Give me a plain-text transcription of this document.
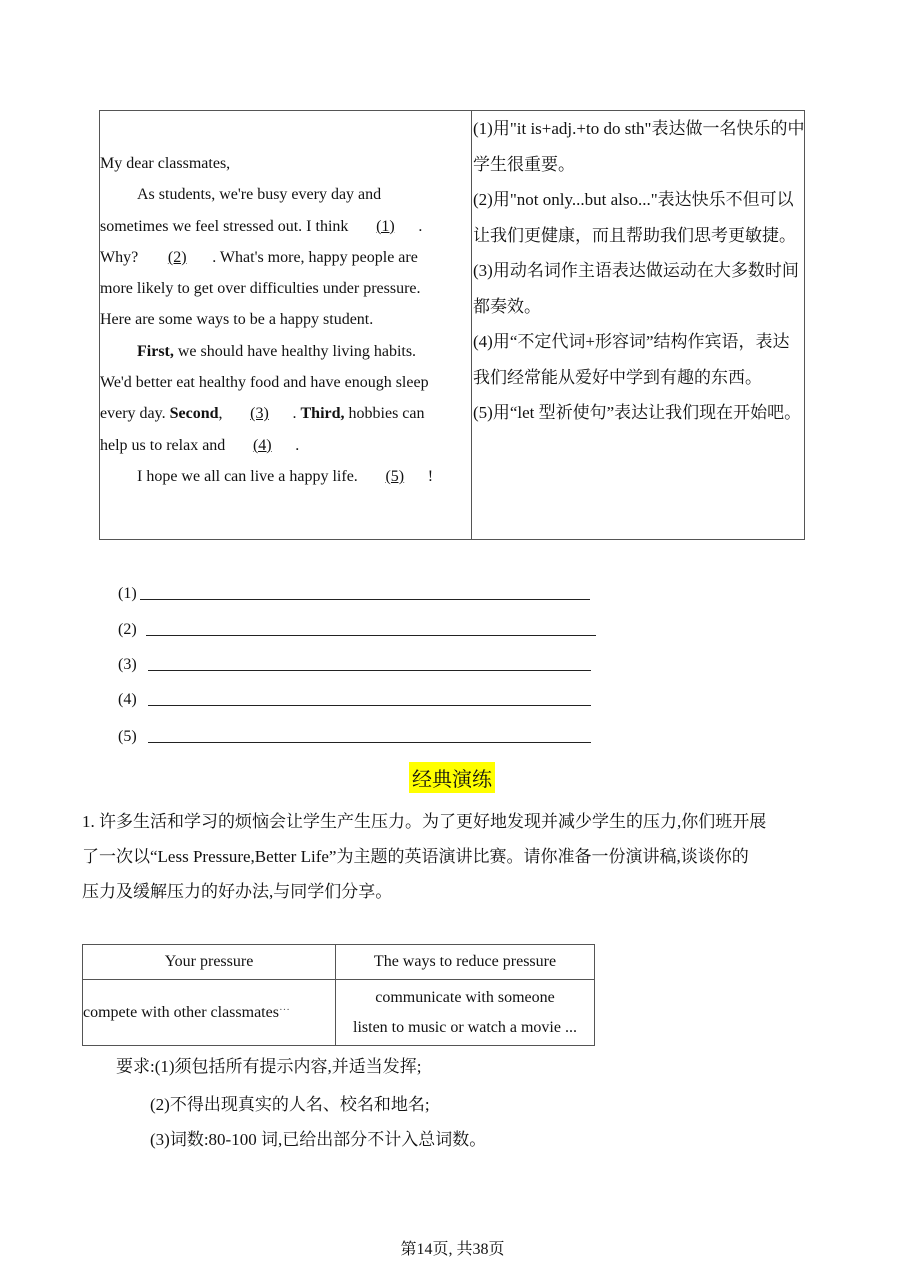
My dear classmates,

As students, we're busy every day and

sometimes we feel stressed out. I think (1) .

Why? (2) . What's more, happy people are

more likely to get over difficulties under pressure.

Here are some ways to be a happy student.

First, we should have healthy living habits.

We'd better eat healthy food and have enough sleep

every day. Second, (3) . Third, hobbies can

help us to relax and (4) .

I hope we all can live a happy life. (5) !

(1)用"it is+adj.+to do sth"表达做一名快乐的中学生很重要。

(2)用"not only...but also..."表达快乐不但可以让我们更健康，而且帮助我们思考更敏捷。

(3)用动名词作主语表达做运动在大多数时间都奏效。

(4)用“不定代词+形容词”结构作宾语，表达我们经常能从爱好中学到有趣的东西。

(5)用“let 型祈使句”表达让我们现在开始吧。

(1)
(2)
(3)
(4)
(5)
经典演练

1. 许多生活和学习的烦恼会让学生产生压力。为了更好地发现并减少学生的压力,你们班开展

了一次以“Less Pressure,Better Life”为主题的英语演讲比赛。请你准备一份演讲稿,谈谈你的

压力及缓解压力的好办法,与同学们分享。

Your pressure	The ways to reduce pressure
compete with other classmates···	communicate with someone
listen to music or watch a movie ...
要求:(1)须包括所有提示内容,并适当发挥;
(2)不得出现真实的人名、校名和地名;
(3)词数:80-100 词,已给出部分不计入总词数。
第14页, 共38页
